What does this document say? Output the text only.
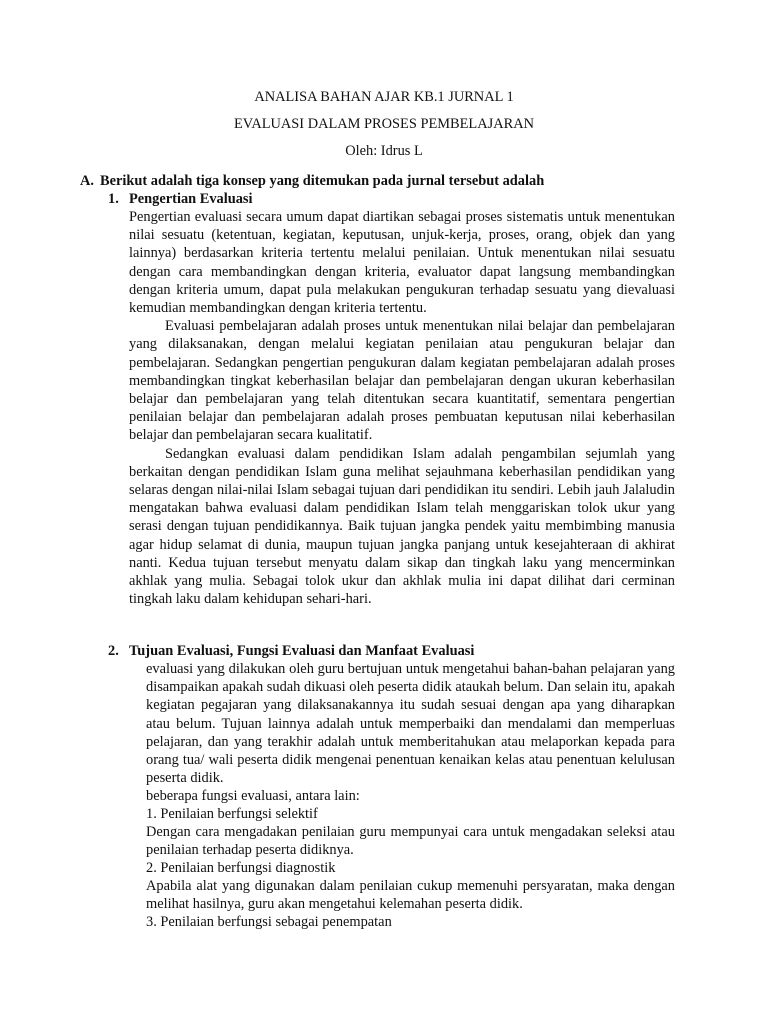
ANALISA BAHAN AJAR KB.1 JURNAL 1
EVALUASI DALAM PROSES PEMBELAJARAN
Oleh: Idrus L
A. Berikut adalah tiga konsep yang ditemukan pada jurnal tersebut adalah
1. Pengertian Evaluasi

Pengertian evaluasi secara umum dapat diartikan sebagai proses sistematis untuk menentukan nilai sesuatu (ketentuan, kegiatan, keputusan, unjuk-kerja, proses, orang, objek dan yang lainnya) berdasarkan kriteria tertentu melalui penilaian. Untuk menentukan nilai sesuatu dengan cara membandingkan dengan kriteria, evaluator dapat langsung membandingkan dengan kriteria umum, dapat pula melakukan pengukuran terhadap sesuatu yang dievaluasi kemudian membandingkan dengan kriteria tertentu.

Evaluasi pembelajaran adalah proses untuk menentukan nilai belajar dan pembelajaran yang dilaksanakan, dengan melalui kegiatan penilaian atau pengukuran belajar dan pembelajaran. Sedangkan pengertian pengukuran dalam kegiatan pembelajaran adalah proses membandingkan tingkat keberhasilan belajar dan pembelajaran dengan ukuran keberhasilan belajar dan pembelajaran yang telah ditentukan secara kuantitatif, sementara pengertian penilaian belajar dan pembelajaran adalah proses pembuatan keputusan nilai keberhasilan belajar dan pembelajaran secara kualitatif.

Sedangkan evaluasi dalam pendidikan Islam adalah pengambilan sejumlah yang berkaitan dengan pendidikan Islam guna melihat sejauhmana keberhasilan pendidikan yang selaras dengan nilai-nilai Islam sebagai tujuan dari pendidikan itu sendiri. Lebih jauh Jalaludin mengatakan bahwa evaluasi dalam pendidikan Islam telah menggariskan tolok ukur yang serasi dengan tujuan pendidikannya. Baik tujuan jangka pendek yaitu membimbing manusia agar hidup selamat di dunia, maupun tujuan jangka panjang untuk kesejahteraan di akhirat nanti. Kedua tujuan tersebut menyatu dalam sikap dan tingkah laku yang mencerminkan akhlak yang mulia. Sebagai tolok ukur dan akhlak mulia ini dapat dilihat dari cerminan tingkah laku dalam kehidupan sehari-hari.

2. Tujuan Evaluasi, Fungsi Evaluasi dan Manfaat Evaluasi
evaluasi yang dilakukan oleh guru bertujuan untuk mengetahui bahan-bahan pelajaran yang disampaikan apakah sudah dikuasi oleh peserta didik ataukah belum. Dan selain itu, apakah kegiatan pegajaran yang dilaksanakannya itu sudah sesuai dengan apa yang diharapkan atau belum. Tujuan lainnya adalah untuk memperbaiki dan mendalami dan memperluas pelajaran, dan yang terakhir adalah untuk memberitahukan atau melaporkan kepada para orang tua/ wali peserta didik mengenai penentuan kenaikan kelas atau penentuan kelulusan peserta didik.
beberapa fungsi evaluasi, antara lain:
1. Penilaian berfungsi selektif
Dengan cara mengadakan penilaian guru mempunyai cara untuk mengadakan seleksi atau penilaian terhadap peserta didiknya.
2. Penilaian berfungsi diagnostik
Apabila alat yang digunakan dalam penilaian cukup memenuhi persyaratan, maka dengan melihat hasilnya, guru akan mengetahui kelemahan peserta didik.
3. Penilaian berfungsi sebagai penempatan
